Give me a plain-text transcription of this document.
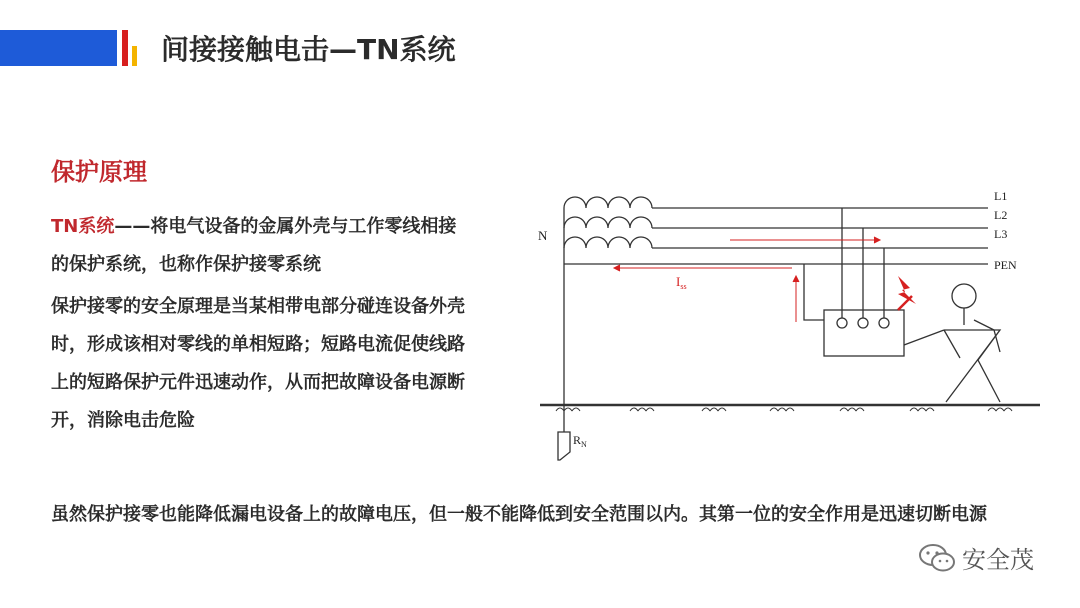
间接接触电击—TN系统
保护原理
TN系统——将电气设备的金属外壳与工作零线相接的保护系统，也称作保护接零系统
保护接零的安全原理是当某相带电部分碰连设备外壳时，形成该相对零线的单相短路；短路电流促使线路上的短路保护元件迅速动作，从而把故障设备电源断开，消除电击危险
N
L1
L2
L3
PEN
$I_{ss}$
$R_N$
虽然保护接零也能降低漏电设备上的故障电压，但一般不能降低到安全范围以内。其第一位的安全作用是迅速切断电源
安全茂
